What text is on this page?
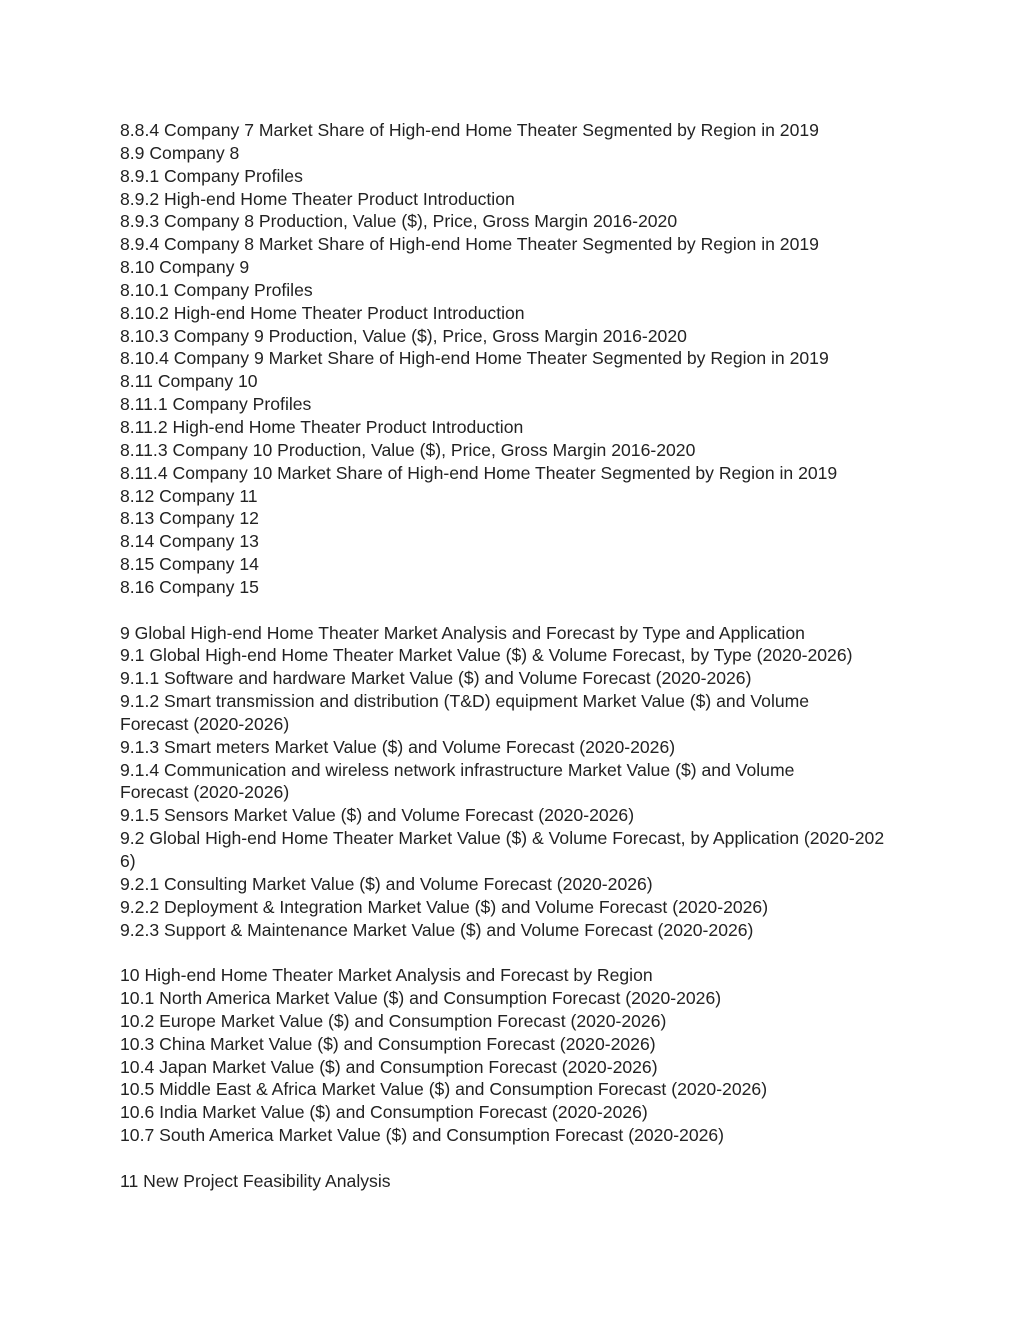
8.8.4 Company 7 Market Share of High-end Home Theater Segmented by Region in 2019

8.9 Company 8

8.9.1 Company Profiles

8.9.2 High-end Home Theater Product Introduction

8.9.3 Company 8 Production, Value ($), Price, Gross Margin 2016-2020

8.9.4 Company 8 Market Share of High-end Home Theater Segmented by Region in 2019

8.10 Company 9

8.10.1 Company Profiles

8.10.2 High-end Home Theater Product Introduction

8.10.3 Company 9 Production, Value ($), Price, Gross Margin 2016-2020

8.10.4 Company 9 Market Share of High-end Home Theater Segmented by Region in 2019

8.11 Company 10

8.11.1 Company Profiles

8.11.2 High-end Home Theater Product Introduction

8.11.3 Company 10 Production, Value ($), Price, Gross Margin 2016-2020

8.11.4 Company 10 Market Share of High-end Home Theater Segmented by Region in 2019

8.12 Company 11

8.13 Company 12

8.14 Company 13

8.15 Company 14

8.16 Company 15

9 Global High-end Home Theater Market Analysis and Forecast by Type and Application

9.1 Global High-end Home Theater Market Value ($) & Volume Forecast, by Type (2020-2026)

9.1.1 Software and hardware Market Value ($) and Volume Forecast (2020-2026)

9.1.2 Smart transmission and distribution (T&D) equipment Market Value ($) and Volume Forecast (2020-2026)

9.1.3 Smart meters Market Value ($) and Volume Forecast (2020-2026)

9.1.4 Communication and wireless network infrastructure Market Value ($) and Volume Forecast (2020-2026)

9.1.5 Sensors Market Value ($) and Volume Forecast (2020-2026)

9.2 Global High-end Home Theater Market Value ($) & Volume Forecast, by Application (2020-2026)

9.2.1 Consulting Market Value ($) and Volume Forecast (2020-2026)

9.2.2 Deployment & Integration Market Value ($) and Volume Forecast (2020-2026)

9.2.3 Support & Maintenance Market Value ($) and Volume Forecast (2020-2026)

10 High-end Home Theater Market Analysis and Forecast by Region

10.1 North America Market Value ($) and Consumption Forecast (2020-2026)

10.2 Europe Market Value ($) and Consumption Forecast (2020-2026)

10.3 China Market Value ($) and Consumption Forecast (2020-2026)

10.4 Japan Market Value ($) and Consumption Forecast (2020-2026)

10.5 Middle East & Africa Market Value ($) and Consumption Forecast (2020-2026)

10.6 India Market Value ($) and Consumption Forecast (2020-2026)

10.7 South America Market Value ($) and Consumption Forecast (2020-2026)

11 New Project Feasibility Analysis
